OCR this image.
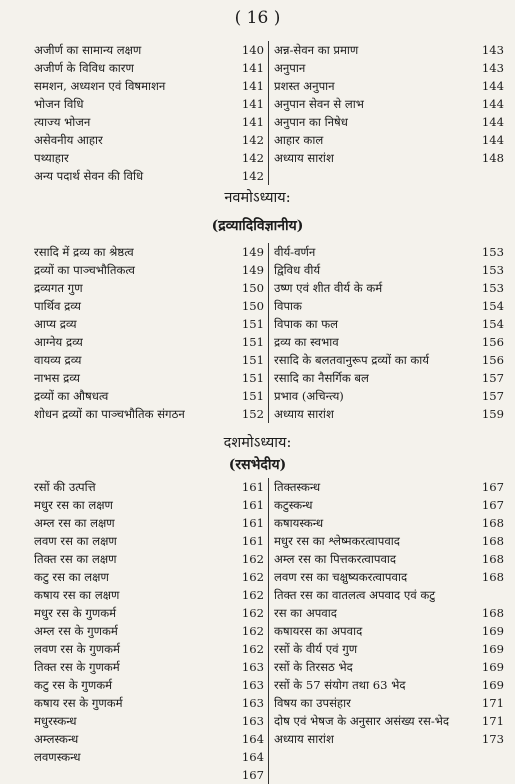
( 16 )
अजीर्ण का सामान्य लक्षण	140 अन्न-सेवन का प्रमाण	143
अजीर्ण के विविध कारण	141 अनुपान	143
समशन, अध्यशन एवं विषमाशन	141 प्रशस्त अनुपान	144
भोजन विधि	141 अनुपान सेवन से लाभ	144
त्याज्य भोजन	141 अनुपान का निषेध	144
असेवनीय आहार	142 आहार काल	144
पथ्याहार	142 अध्याय सारांश	148
अन्य पदार्थ सेवन की विधि	142
नवमोऽध्याय:
(द्रव्यादिविज्ञानीय)
रसादि में द्रव्य का श्रेष्ठत्व	149 वीर्य-वर्णन	153
द्रव्यों का पाञ्चभौतिकत्व	149 द्विविध वीर्य	153
द्रव्यगत गुण	150 उष्ण एवं शीत वीर्य के कर्म	153
पार्थिव द्रव्य	150 विपाक	154
आप्य द्रव्य	151 विपाक का फल	154
आग्नेय द्रव्य	151 द्रव्य का स्वभाव	156
वायव्य द्रव्य	151 रसादि के बलतवानुरूप द्रव्यों का कार्य	156
नाभस द्रव्य	151 रसादि का नैसर्गिक बल	157
द्रव्यों का औषधत्व	151 प्रभाव (अचिन्त्य)	157
शोधन द्रव्यों का पाञ्चभौतिक संगठन	152 अध्याय सारांश	159
दशमोऽध्याय:
(रसभेदीय)
रसों की उत्पत्ति	161 तिक्तस्कन्ध	167
मधुर रस का लक्षण	161 कटुस्कन्ध	167
अम्ल रस का लक्षण	161 कषायस्कन्ध	168
लवण रस का लक्षण	161 मधुर रस का श्लेष्मकरत्वापवाद	168
तिक्त रस का लक्षण	162 अम्ल रस का पित्तकरत्वापवाद	168
कटु रस का लक्षण	162 लवण रस का चक्षुष्यकरत्वापवाद	168
कषाय रस का लक्षण	162 तिक्त रस का वातलत्व अपवाद एवं कटु
मधुर रस के गुणकर्म	162 रस का अपवाद	168
अम्ल रस के गुणकर्म	162 कषायरस का अपवाद	169
लवण रस के गुणकर्म	162 रसों के वीर्य एवं गुण	169
तिक्त रस के गुणकर्म	163 रसों के तिरसठ भेद	169
कटु रस के गुणकर्म	163 रसों के 57 संयोग तथा 63 भेद	169
कषाय रस के गुणकर्म	163 विषय का उपसंहार	171
मधुरस्कन्ध	163 दोष एवं भेषज के अनुसार असंख्य रस-भेद	171
अम्लस्कन्ध	164 अध्याय सारांश	173
लवणस्कन्ध	164
167
